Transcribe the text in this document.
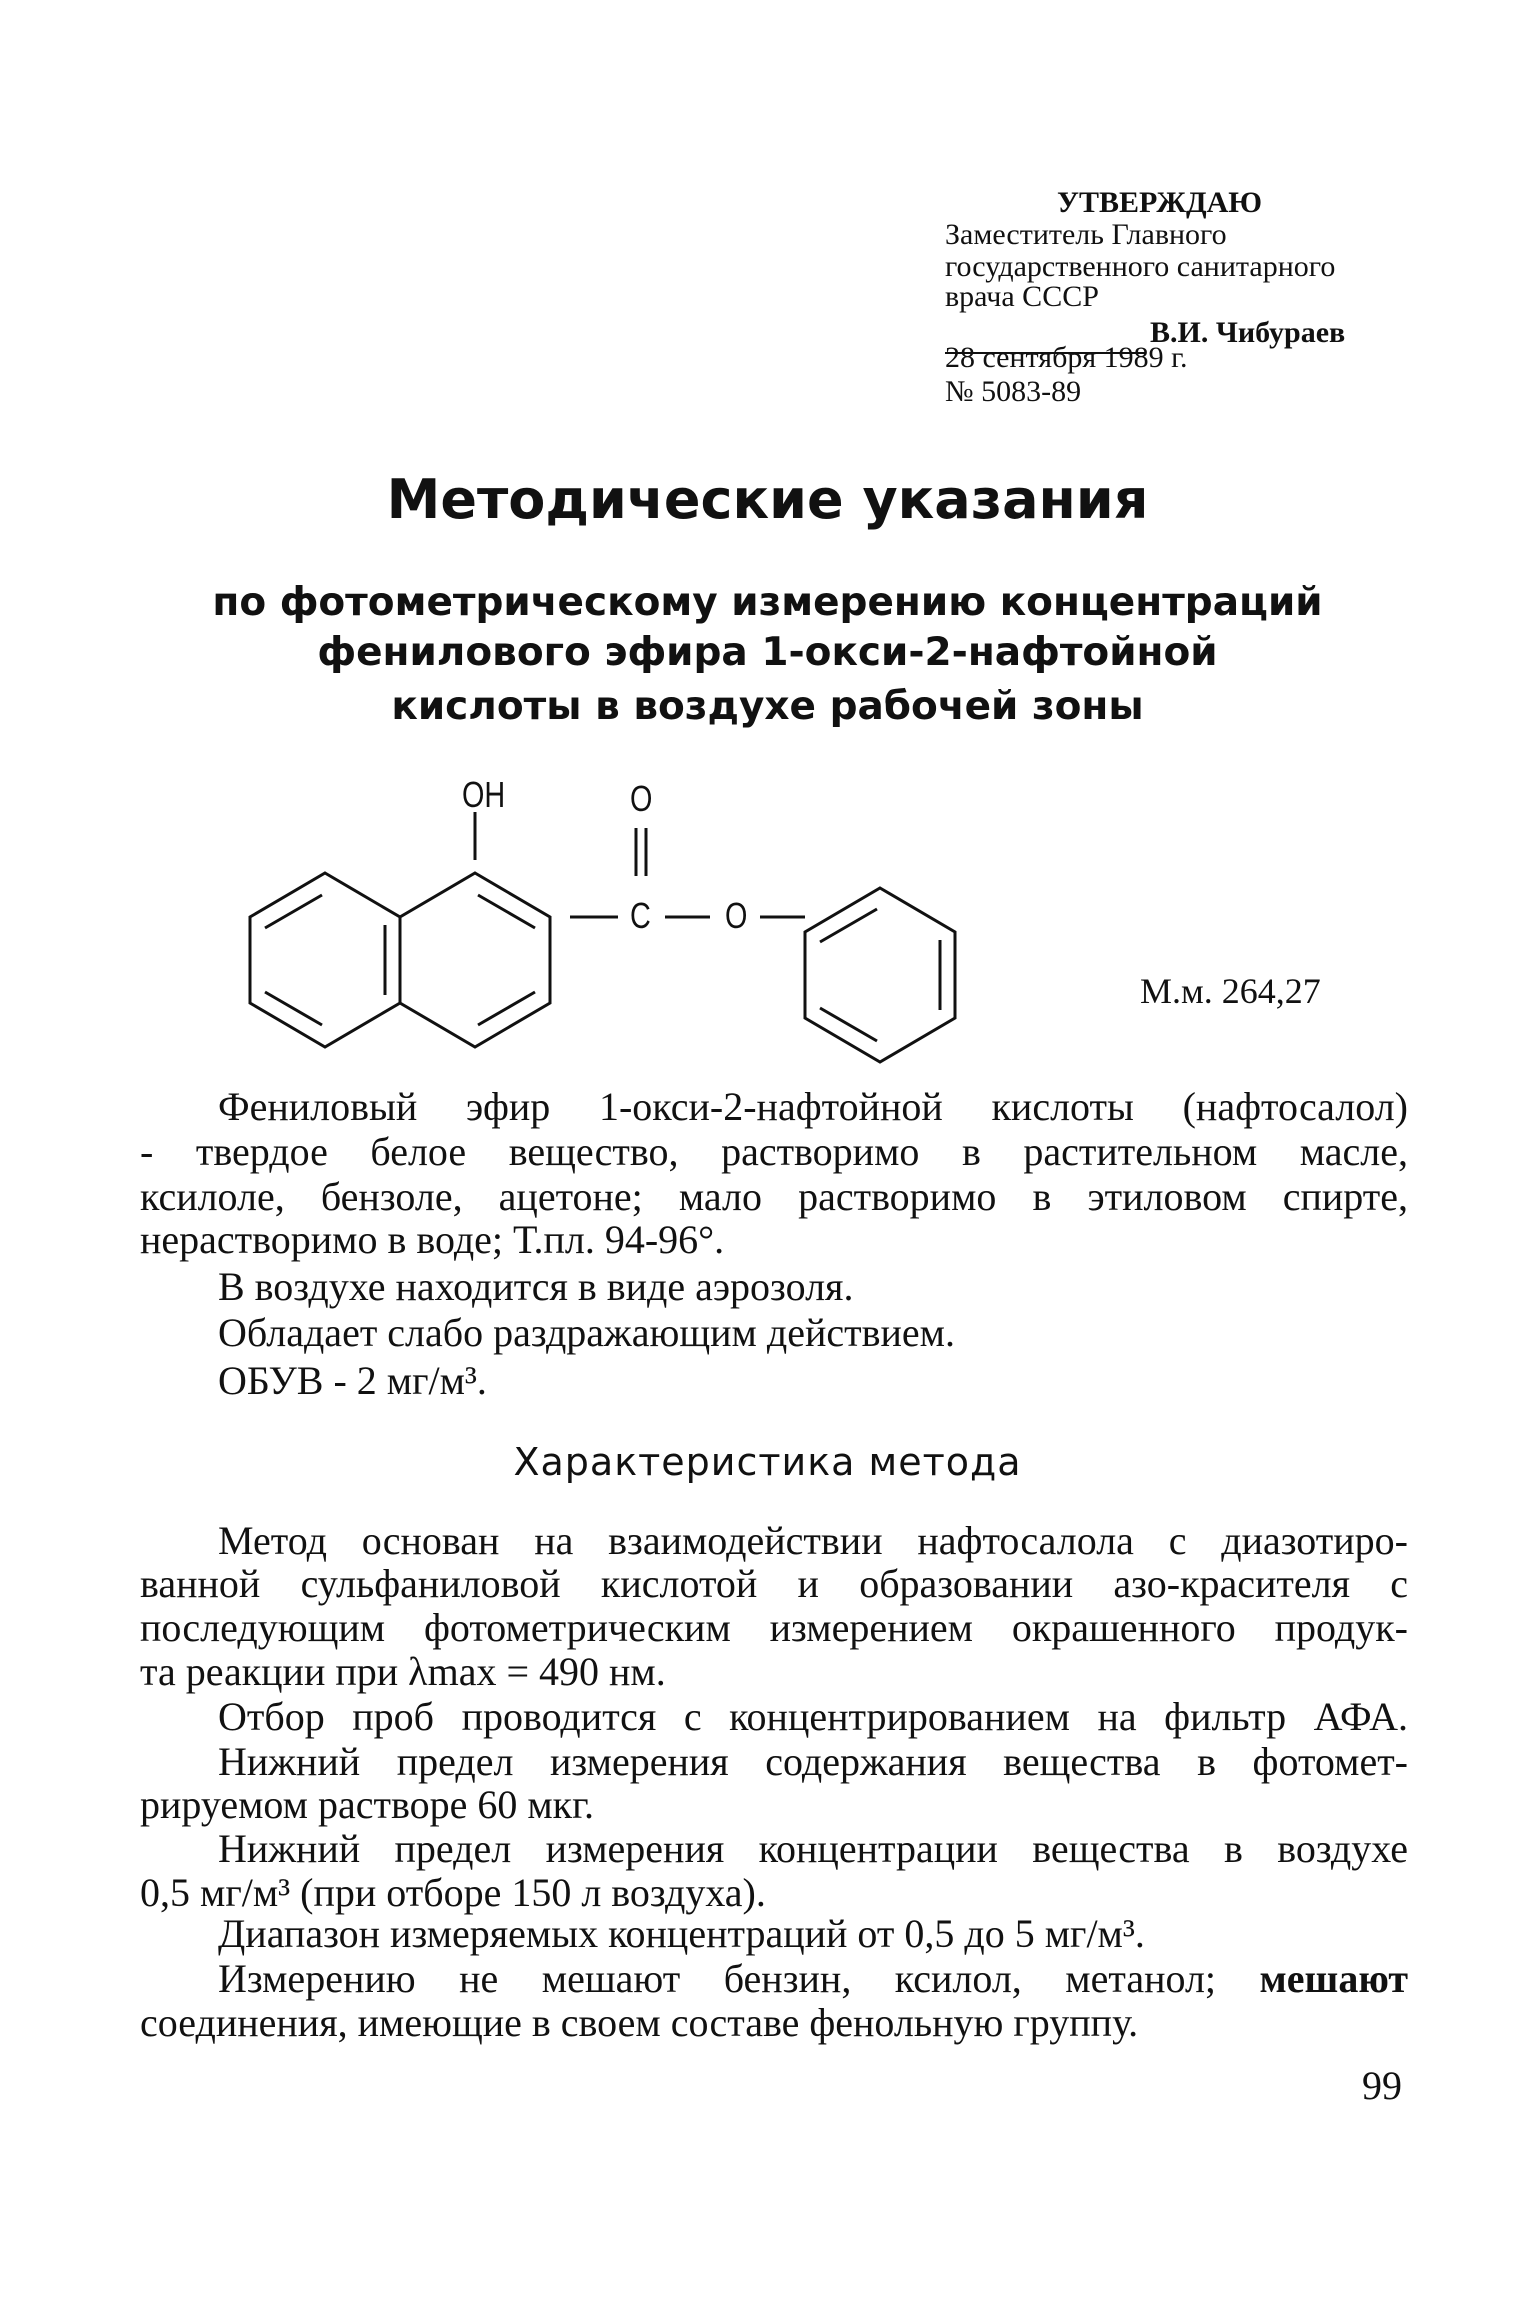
УТВЕРЖДАЮ
Заместитель Главного
государственного санитарного
врача СССР
В.И. Чибураев
28 сентября 1989 г.
№ 5083-89
Методические указания
по фотометрическому измерению концентраций
фенилового эфира 1-окси-2-нафтойной
кислоты в воздухе рабочей зоны
OH	O
C O
М.м. 264,27
Фениловый эфир 1-окси-2-нафтойной кислоты (нафтосалол)
- твердое белое вещество, растворимо в растительном масле,
ксилоле, бензоле, ацетоне; мало растворимо в этиловом спирте,
нерастворимо в воде; Т.пл. 94-96°.
В воздухе находится в виде аэрозоля.
Обладает слабо раздражающим действием.
ОБУВ - 2 мг/м³.
Характеристика метода
Метод основан на взаимодействии нафтосалола с диазотиро-
ванной сульфаниловой кислотой и образовании азо-красителя с
последующим фотометрическим измерением окрашенного продук-
та реакции при λmax = 490 нм.
Отбор проб проводится с концентрированием на фильтр АФА.
Нижний предел измерения содержания вещества в фотомет-
рируемом растворе 60 мкг.
Нижний предел измерения концентрации вещества в воздухе
0,5 мг/м³ (при отборе 150 л воздуха).
Диапазон измеряемых концентраций от 0,5 до 5 мг/м³.
Измерению не мешают бензин, ксилол, метанол; мешают
соединения, имеющие в своем составе фенольную группу.
99
